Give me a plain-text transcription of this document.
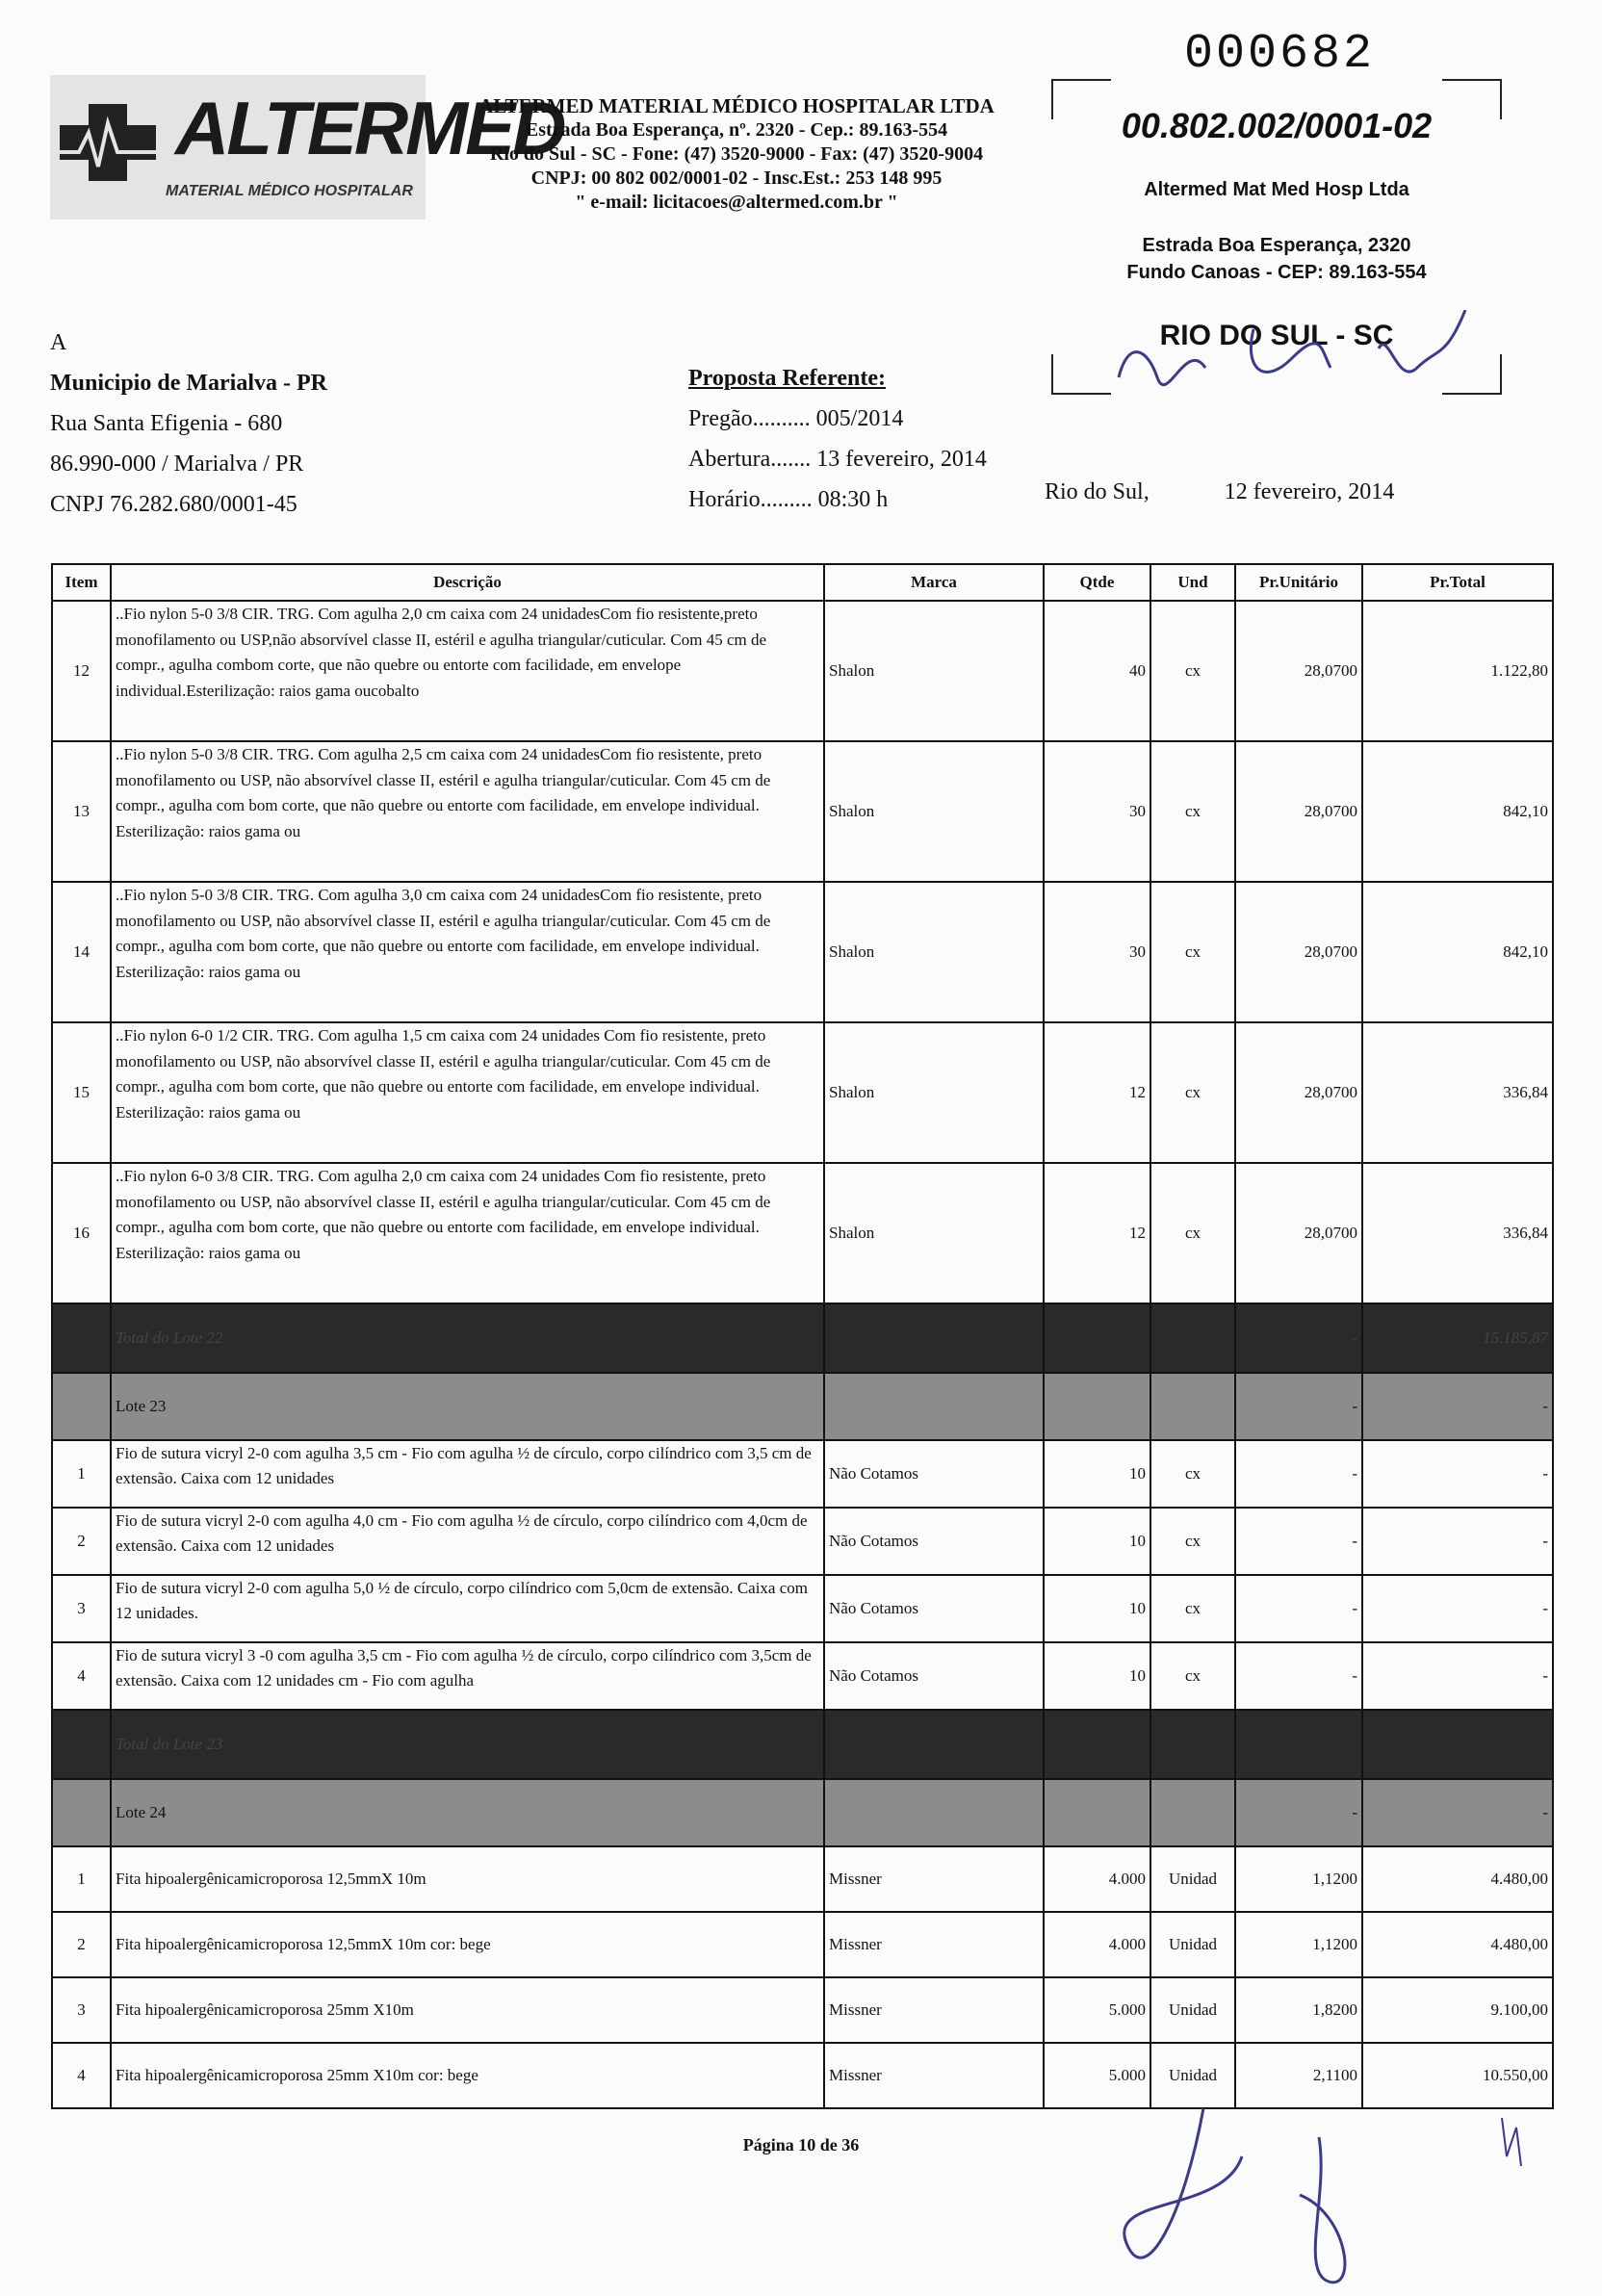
000682
ALTERMED
MATERIAL MÉDICO HOSPITALAR
ALTERMED MATERIAL MÉDICO HOSPITALAR LTDA
Estrada Boa Esperança, nº. 2320 - Cep.: 89.163-554
Rio do Sul - SC - Fone: (47) 3520-9000 - Fax: (47) 3520-9004
CNPJ: 00 802 002/0001-02 - Insc.Est.: 253 148 995
" e-mail: licitacoes@altermed.com.br "
00.802.002/0001-02
Altermed Mat Med Hosp Ltda
Estrada Boa Esperança, 2320
Fundo Canoas - CEP: 89.163-554
RIO DO SUL - SC
A
Municipio de Marialva - PR
Rua Santa Efigenia - 680
86.990-000 / Marialva / PR
CNPJ 76.282.680/0001-45
Proposta Referente:
Pregão.......... 005/2014
Abertura....... 13 fevereiro, 2014
Horário......... 08:30 h	Rio do Sul,	12 fevereiro, 2014
Item	Descrição	Marca	Qtde	Und	Pr.Unitário	Pr.Total
12	..Fio nylon 5-0 3/8 CIR. TRG. Com agulha 2,0 cm caixa com 24 unidadesCom fio resistente,preto monofilamento ou USP,não absorvível classe II, estéril e agulha triangular/cuticular. Com 45 cm de compr., agulha combom corte, que não quebre ou entorte com facilidade, em envelope individual.Esterilização: raios gama oucobalto	Shalon	40	cx	28,0700	1.122,80
13	..Fio nylon 5-0 3/8 CIR. TRG. Com agulha 2,5 cm caixa com 24 unidadesCom fio resistente, preto monofilamento ou USP, não absorvível classe II, estéril e agulha triangular/cuticular. Com 45 cm de compr., agulha com bom corte, que não quebre ou entorte com facilidade, em envelope individual. Esterilização: raios gama ou	Shalon	30	cx	28,0700	842,10
14	..Fio nylon 5-0 3/8 CIR. TRG. Com agulha 3,0 cm caixa com 24 unidadesCom fio resistente, preto monofilamento ou USP, não absorvível classe II, estéril e agulha triangular/cuticular. Com 45 cm de compr., agulha com bom corte, que não quebre ou entorte com facilidade, em envelope individual. Esterilização: raios gama ou	Shalon	30	cx	28,0700	842,10
15	..Fio nylon 6-0 1/2 CIR. TRG. Com agulha 1,5 cm caixa com 24 unidades Com fio resistente, preto monofilamento ou USP, não absorvível classe II, estéril e agulha triangular/cuticular. Com 45 cm de compr., agulha com bom corte, que não quebre ou entorte com facilidade, em envelope individual. Esterilização: raios gama ou	Shalon	12	cx	28,0700	336,84
16	..Fio nylon 6-0 3/8 CIR. TRG. Com agulha 2,0 cm caixa com 24 unidades Com fio resistente, preto monofilamento ou USP, não absorvível classe II, estéril e agulha triangular/cuticular. Com 45 cm de compr., agulha com bom corte, que não quebre ou entorte com facilidade, em envelope individual. Esterilização: raios gama ou	Shalon	12	cx	28,0700	336,84
	Total do Lote 22				-	15.185,87
	Lote 23				-	-
1	Fio de sutura vicryl 2-0 com agulha 3,5 cm - Fio com agulha ½ de círculo, corpo cilíndrico com 3,5 cm de extensão. Caixa com 12 unidades	Não Cotamos	10	cx	-	-
2	Fio de sutura vicryl 2-0 com agulha 4,0 cm - Fio com agulha ½ de círculo, corpo cilíndrico com 4,0cm de extensão. Caixa com 12 unidades	Não Cotamos	10	cx	-	-
3	Fio de sutura vicryl 2-0 com agulha 5,0 ½ de círculo, corpo cilíndrico com 5,0cm de extensão. Caixa com 12 unidades.	Não Cotamos	10	cx	-	-
4	Fio de sutura vicryl 3 -0 com agulha 3,5 cm - Fio com agulha ½ de círculo, corpo cilíndrico com 3,5cm de extensão. Caixa com 12 unidades cm - Fio com agulha	Não Cotamos	10	cx	-	-
	Total do Lote 23					
	Lote 24				-	-
1	Fita hipoalergênicamicroporosa 12,5mmX 10m	Missner	4.000	Unidad	1,1200	4.480,00
2	Fita hipoalergênicamicroporosa 12,5mmX 10m cor: bege	Missner	4.000	Unidad	1,1200	4.480,00
3	Fita hipoalergênicamicroporosa 25mm X10m	Missner	5.000	Unidad	1,8200	9.100,00
4	Fita hipoalergênicamicroporosa 25mm X10m cor: bege	Missner	5.000	Unidad	2,1100	10.550,00
Página 10 de 36
